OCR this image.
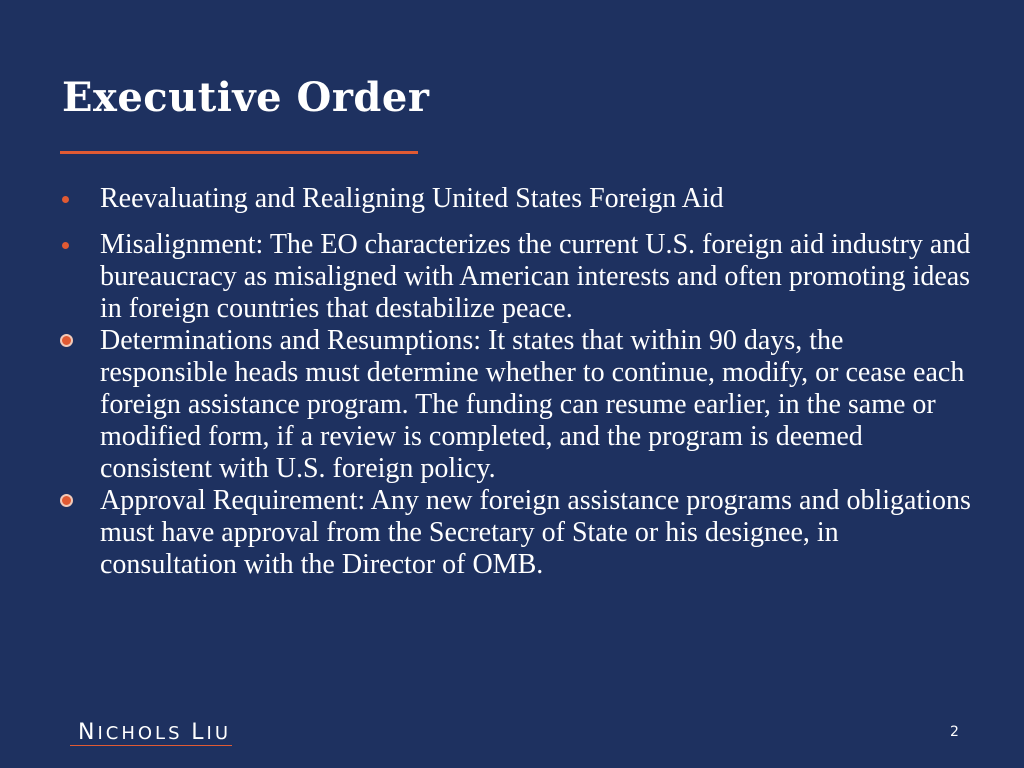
Executive Order
Reevaluating and Realigning United States Foreign Aid
Misalignment: The EO characterizes the current U.S. foreign aid industry and bureaucracy as misaligned with American interests and often promoting ideas in foreign countries that destabilize peace.
Determinations and Resumptions: It states that within 90 days, the responsible heads must determine whether to continue, modify, or cease each foreign assistance program. The funding can resume earlier, in the same or modified form, if a review is completed, and the program is deemed consistent with U.S. foreign policy.
Approval Requirement: Any new foreign assistance programs and obligations must have approval from the Secretary of State or his designee, in consultation with the Director of OMB.
NICHOLS LIU	2
